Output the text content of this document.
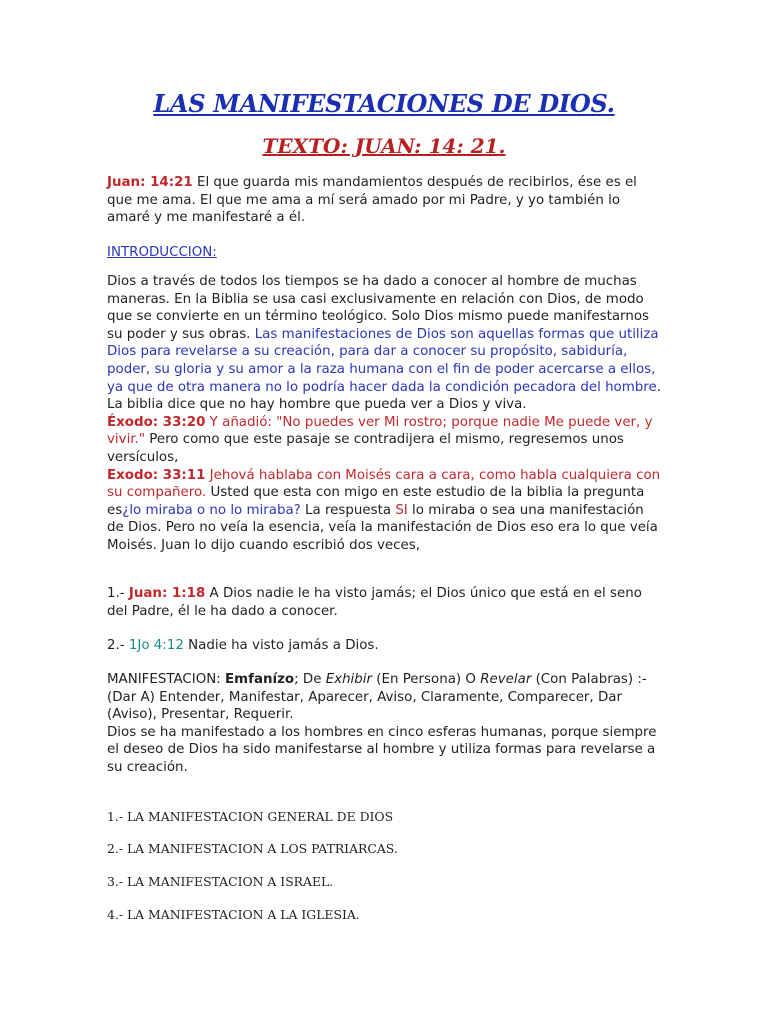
LAS MANIFESTACIONES DE DIOS.
TEXTO: JUAN: 14: 21.

Juan: 14:21 El que guarda mis mandamientos después de recibirlos, ése es el que me ama. El que me ama a mí será amado por mi Padre, y yo también lo amaré y me manifestaré a él.

INTRODUCCION:

Dios a través de todos los tiempos se ha dado a conocer al hombre de muchas maneras. En la Biblia se usa casi exclusivamente en relación con Dios, de modo que se convierte en un término teológico. Solo Dios mismo puede manifestarnos su poder y sus obras. Las manifestaciones de Dios son aquellas formas que utiliza Dios para revelarse a su creación, para dar a conocer su propósito, sabiduría, poder, su gloria y su amor a la raza humana con el fin de poder acercarse a ellos, ya que de otra manera no lo podría hacer dada la condición pecadora del hombre. La biblia dice que no hay hombre que pueda ver a Dios y viva.
Éxodo: 33:20 Y añadió: "No puedes ver Mi rostro; porque nadie Me puede ver, y vivir." Pero como que este pasaje se contradijera el mismo, regresemos unos versículos,
Exodo: 33:11 Jehová hablaba con Moisés cara a cara, como habla cualquiera con su compañero. Usted que esta con migo en este estudio de la biblia la pregunta es¿lo miraba o no lo miraba? La respuesta SI lo miraba o sea una manifestación de Dios. Pero no veía la esencia, veía la manifestación de Dios eso era lo que veía Moisés. Juan lo dijo cuando escribió dos veces,

1.- Juan: 1:18 A Dios nadie le ha visto jamás; el Dios único que está en el seno del Padre, él le ha dado a conocer.

2.- 1Jo 4:12 Nadie ha visto jamás a Dios.

MANIFESTACION: Emfanízo; De Exhibir (En Persona) O Revelar (Con Palabras) :-(Dar A) Entender, Manifestar, Aparecer, Aviso, Claramente, Comparecer, Dar (Aviso), Presentar, Requerir.
Dios se ha manifestado a los hombres en cinco esferas humanas, porque siempre el deseo de Dios ha sido manifestarse al hombre y utiliza formas para revelarse a su creación.

1.- LA MANIFESTACION GENERAL DE DIOS

2.- LA MANIFESTACION A LOS PATRIARCAS.

3.- LA MANIFESTACION A ISRAEL.

4.- LA MANIFESTACION A LA IGLESIA.
